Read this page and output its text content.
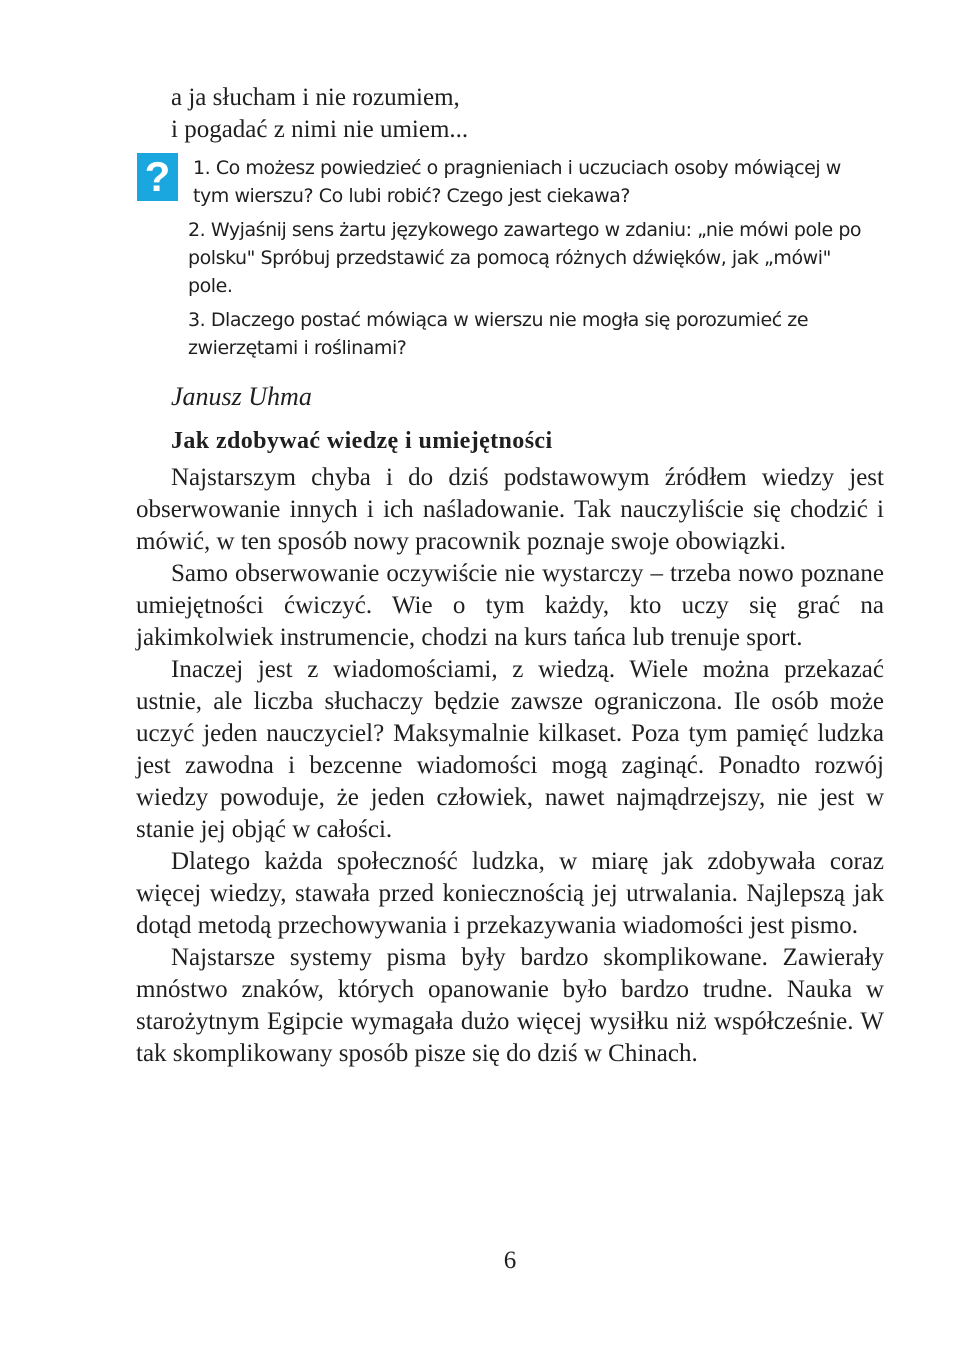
a ja słucham i nie rozumiem,
i pogadać z nimi nie umiem...
?	1. Co możesz powiedzieć o pragnieniach i uczuciach osoby mówiącej w tym wierszu? Co lubi robić? Czego jest ciekawa?
2. Wyjaśnij sens żartu językowego zawartego w zdaniu: „nie mówi pole po polsku" Spróbuj przedstawić za pomocą różnych dźwięków, jak „mówi" pole.
3. Dlaczego postać mówiąca w wierszu nie mogła się porozumieć ze zwierzętami i roślinami?
Janusz Uhma
Jak zdobywać wiedzę i umiejętności

Najstarszym chyba i do dziś podstawowym źródłem wiedzy jest obserwowanie innych i ich naśladowanie. Tak nauczyliście się chodzić i mówić, w ten sposób nowy pracownik poznaje swoje obowiązki.

Samo obserwowanie oczywiście nie wystarczy – trzeba nowo poznane umiejętności ćwiczyć. Wie o tym każdy, kto uczy się grać na jakimkolwiek instrumencie, chodzi na kurs tańca lub trenuje sport.

Inaczej jest z wiadomościami, z wiedzą. Wiele można przekazać ustnie, ale liczba słuchaczy będzie zawsze ograniczona. Ile osób może uczyć jeden nauczyciel? Maksymalnie kilkaset. Poza tym pamięć ludzka jest zawodna i bezcenne wiadomości mogą zaginąć. Ponadto rozwój wiedzy powoduje, że jeden człowiek, nawet najmądrzejszy, nie jest w stanie jej objąć w całości.

Dlatego każda społeczność ludzka, w miarę jak zdobywała coraz więcej wiedzy, stawała przed koniecznością jej utrwalania. Najlepszą jak dotąd metodą przechowywania i przekazywania wiadomości jest pismo.

Najstarsze systemy pisma były bardzo skomplikowane. Zawierały mnóstwo znaków, których opanowanie było bardzo trudne. Nauka w starożytnym Egipcie wymagała dużo więcej wysiłku niż współcześnie. W tak skomplikowany sposób pisze się do dziś w Chinach.

6
